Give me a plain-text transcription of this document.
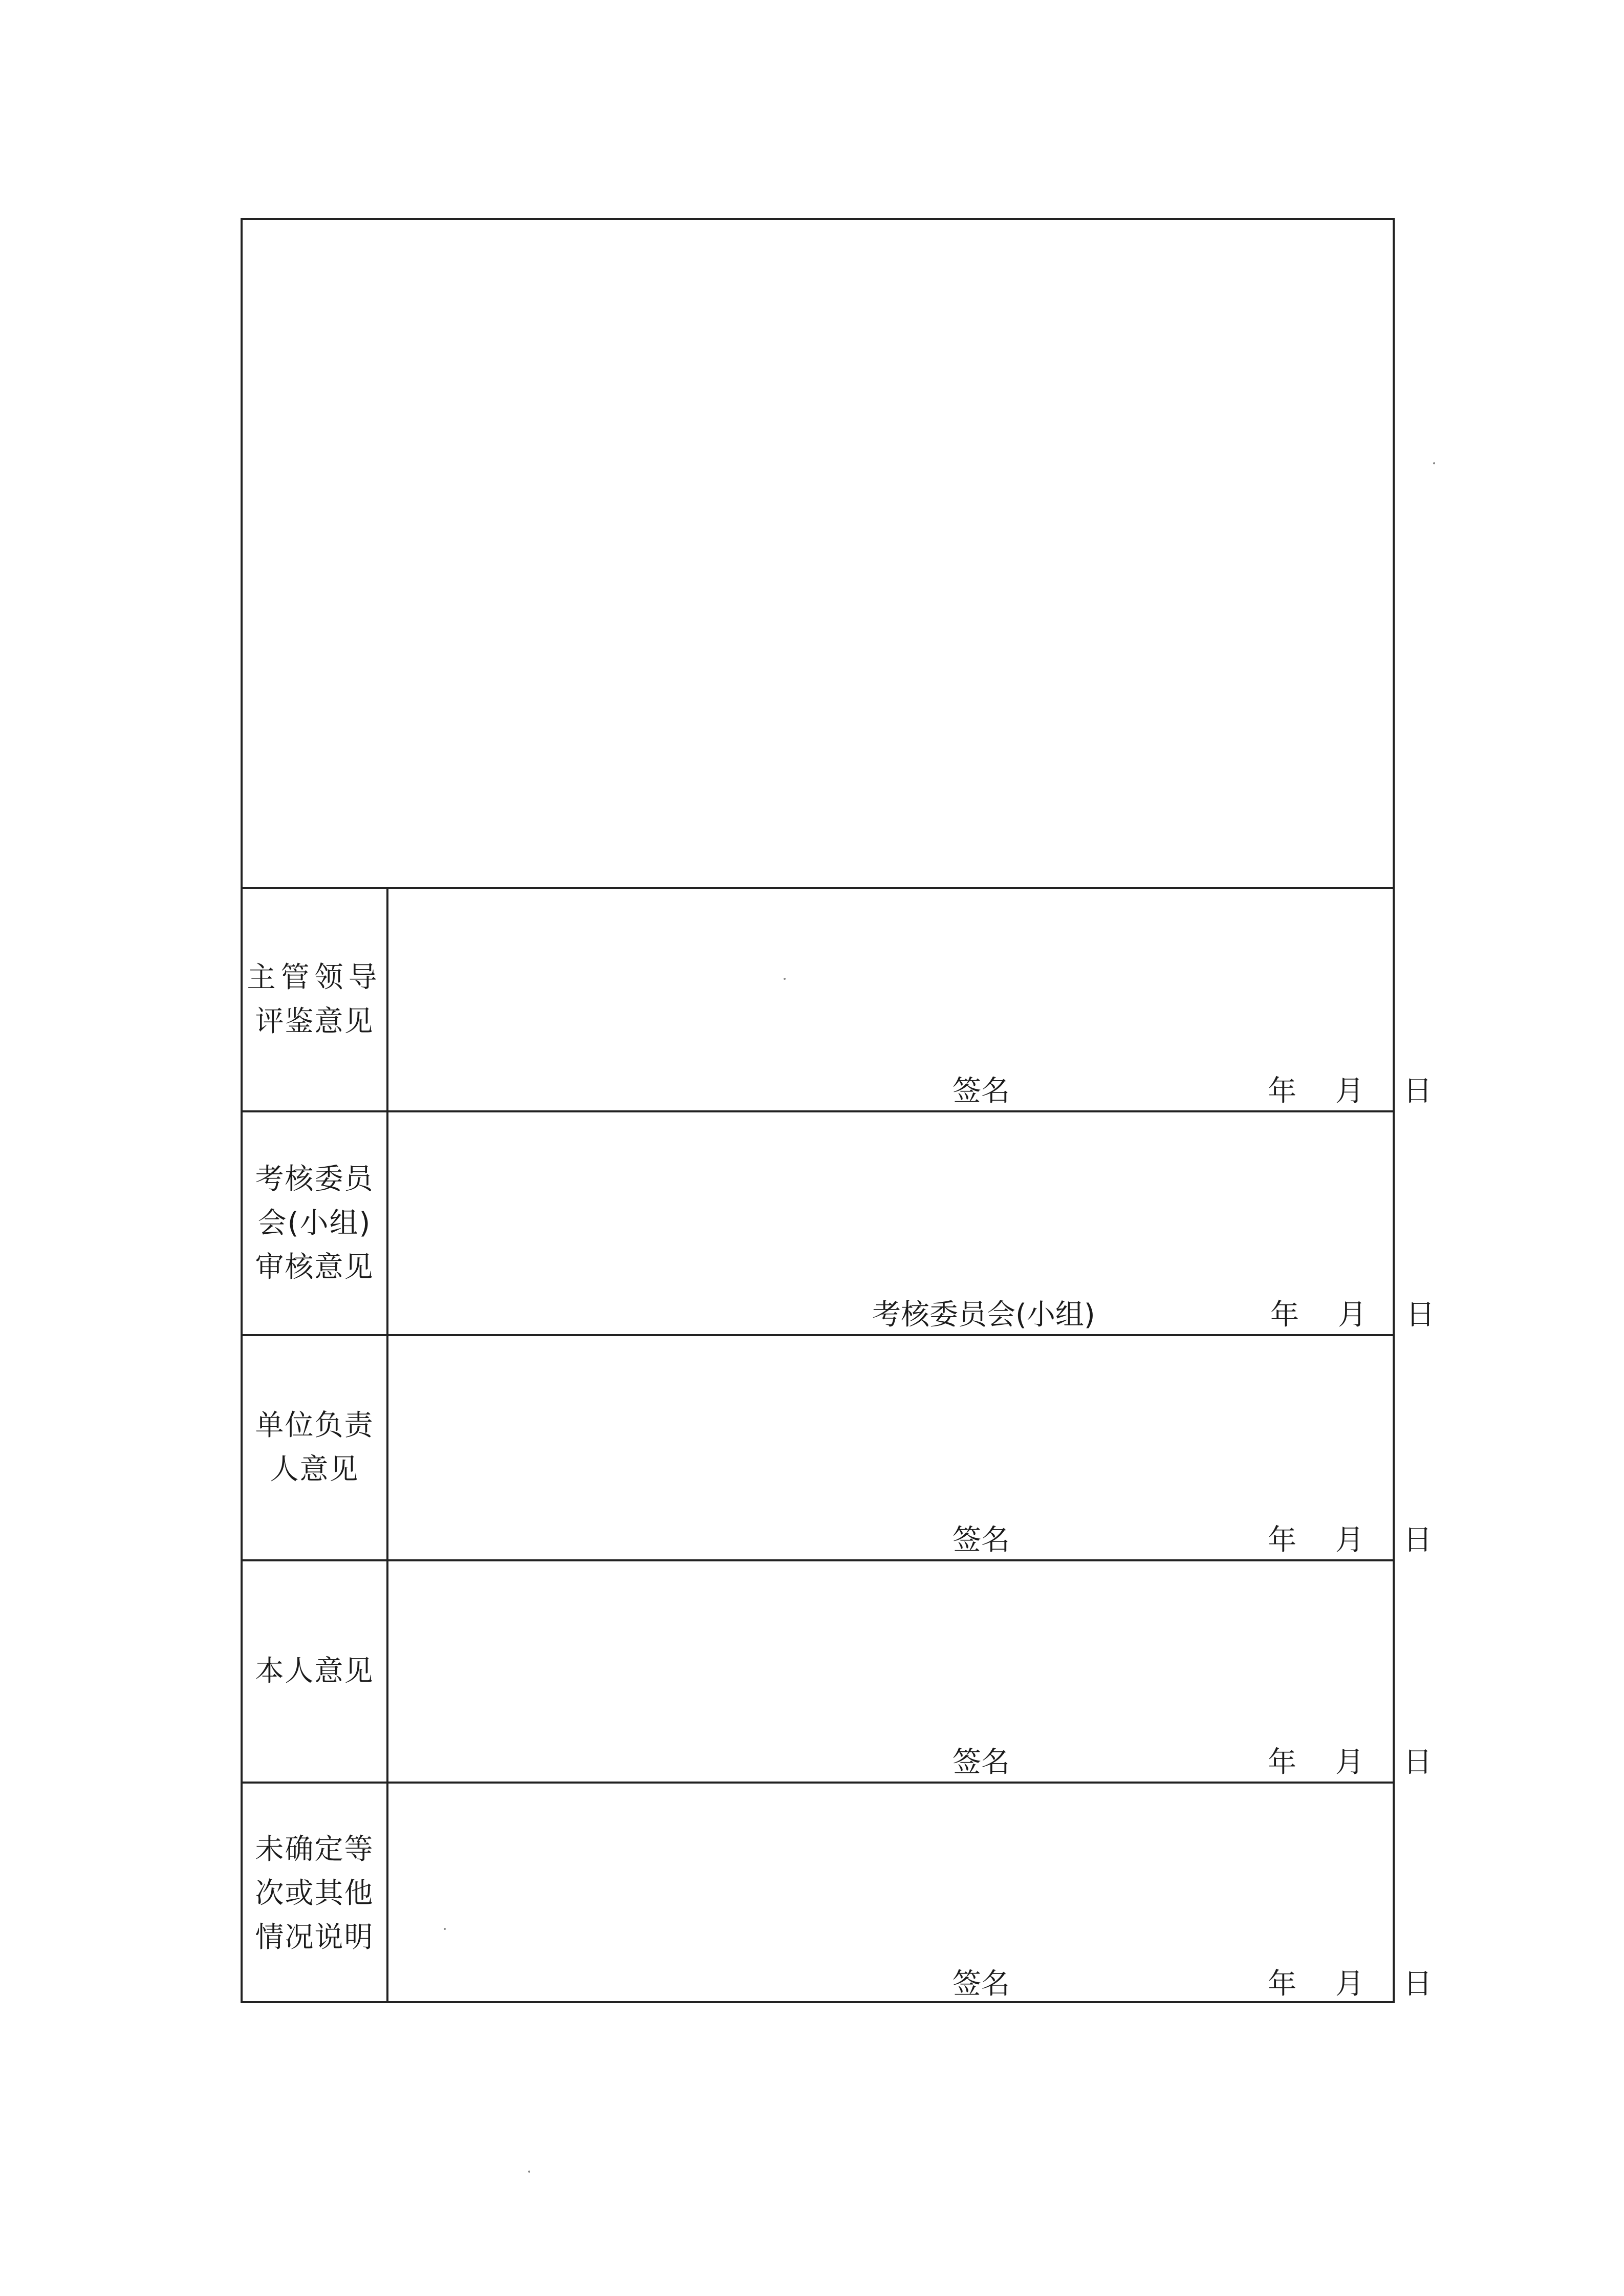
主管领导
评鉴意见
签名	年 月 日
考核委员
会(小组)
审核意见
考核委员会(小组)	年 月 日
单位负责
人意见
签名	年 月 日
本人意见
签名	年 月 日
未确定等
次或其他
情况说明
签名	年 月 日
